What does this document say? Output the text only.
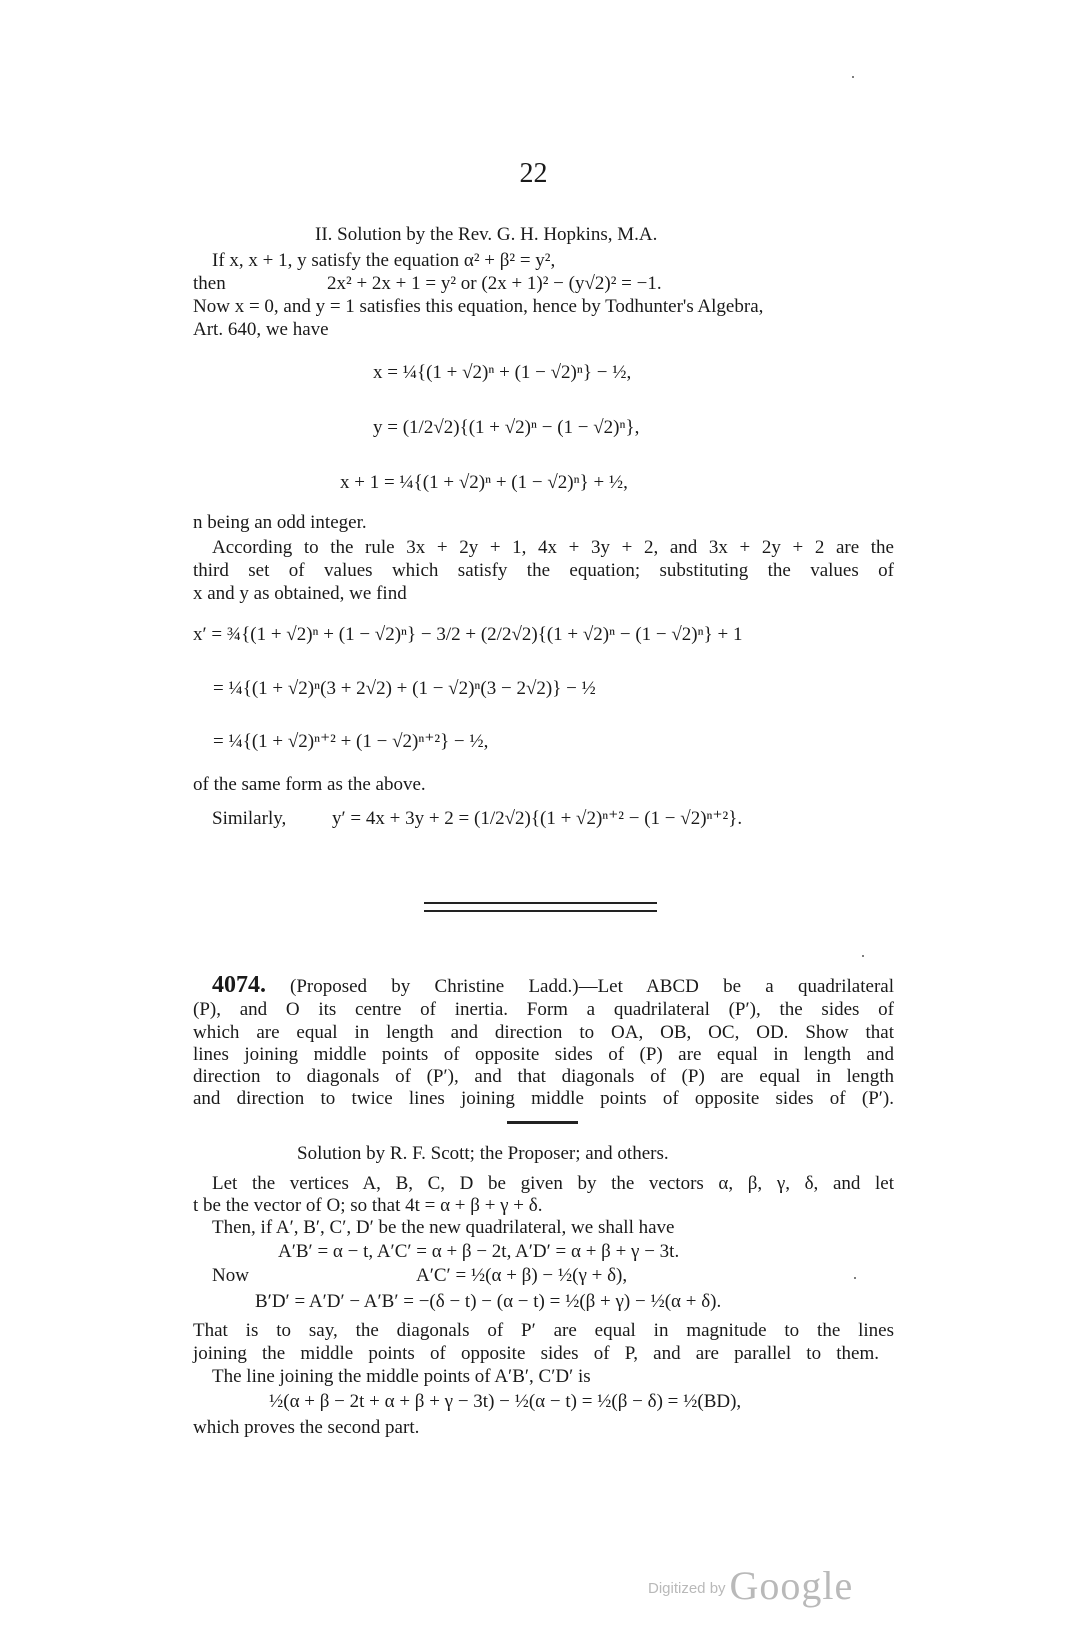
22
II. Solution by the Rev. G. H. Hopkins, M.A.
If x, x + 1, y satisfy the equation α² + β² = y²,
then	2x² + 2x + 1 = y² or (2x + 1)² − (y√2)² = −1.
Now x = 0, and y = 1 satisfies this equation, hence by Todhunter's Algebra,
Art. 640, we have
x = ¼{(1 + √2)ⁿ + (1 − √2)ⁿ} − ½,
y = (1/2√2){(1 + √2)ⁿ − (1 − √2)ⁿ},
x + 1 = ¼{(1 + √2)ⁿ + (1 − √2)ⁿ} + ½,
n being an odd integer.
According to the rule 3x + 2y + 1, 4x + 3y + 2, and 3x + 2y + 2 are the
third set of values which satisfy the equation; substituting the values of
x and y as obtained, we find
x′ = ¾{(1 + √2)ⁿ + (1 − √2)ⁿ} − 3/2 + (2/2√2){(1 + √2)ⁿ − (1 − √2)ⁿ} + 1
= ¼{(1 + √2)ⁿ(3 + 2√2) + (1 − √2)ⁿ(3 − 2√2)} − ½
= ¼{(1 + √2)ⁿ⁺² + (1 − √2)ⁿ⁺²} − ½,
of the same form as the above.
Similarly, y′ = 4x + 3y + 2 = (1/2√2){(1 + √2)ⁿ⁺² − (1 − √2)ⁿ⁺²}.
4074. (Proposed by Christine Ladd.)—Let ABCD be a quadrilateral
(P), and O its centre of inertia. Form a quadrilateral (P′), the sides of
which are equal in length and direction to OA, OB, OC, OD. Show that
lines joining middle points of opposite sides of (P) are equal in length and
direction to diagonals of (P′), and that diagonals of (P) are equal in length
and direction to twice lines joining middle points of opposite sides of (P′).
Solution by R. F. Scott; the Proposer; and others.
Let the vertices A, B, C, D be given by the vectors α, β, γ, δ, and let
t be the vector of O; so that 4t = α + β + γ + δ.
Then, if A′, B′, C′, D′ be the new quadrilateral, we shall have
A′B′ = α − t, A′C′ = α + β − 2t, A′D′ = α + β + γ − 3t.
Now	A′C′ = ½(α + β) − ½(γ + δ),
B′D′ = A′D′ − A′B′ = −(δ − t) − (α − t) = ½(β + γ) − ½(α + δ).
That is to say, the diagonals of P′ are equal in magnitude to the lines
joining the middle points of opposite sides of P, and are parallel to them.
The line joining the middle points of A′B′, C′D′ is
½(α + β − 2t + α + β + γ − 3t) − ½(α − t) = ½(β − δ) = ½(BD),
which proves the second part.
Digitized by Google
